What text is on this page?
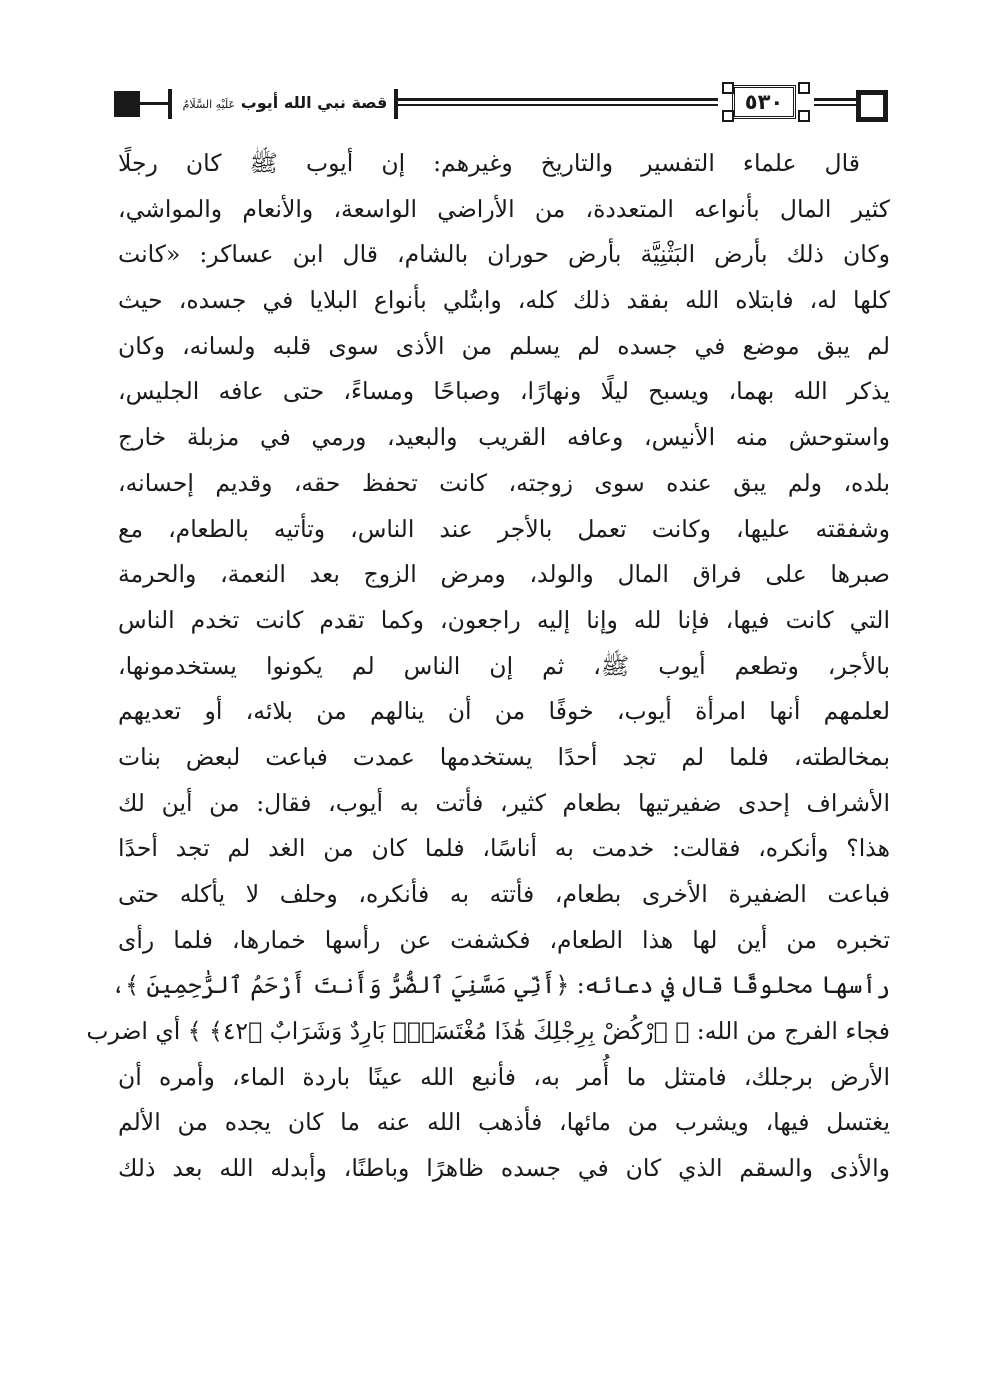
قصة نبي الله أيوب عَلَيْهِ السَّلَامُ	٥٣٠
قال علماء التفسير والتاريخ وغيرهم: إن أيوب ﷺ كان رجلًا
كثير المال بأنواعه المتعددة، من الأراضي الواسعة، والأنعام والمواشي،
وكان ذلك بأرض البَثْنِيَّة بأرض حوران بالشام، قال ابن عساكر: «كانت
كلها له، فابتلاه الله بفقد ذلك كله، وابتُلي بأنواع البلايا في جسده، حيث
لم يبق موضع في جسده لم يسلم من الأذى سوى قلبه ولسانه، وكان
يذكر الله بهما، ويسبح ليلًا ونهارًا، وصباحًا ومساءً، حتى عافه الجليس،
واستوحش منه الأنيس، وعافه القريب والبعيد، ورمي في مزبلة خارج
بلده، ولم يبق عنده سوى زوجته، كانت تحفظ حقه، وقديم إحسانه،
وشفقته عليها، وكانت تعمل بالأجر عند الناس، وتأتيه بالطعام، مع
صبرها على فراق المال والولد، ومرض الزوج بعد النعمة، والحرمة
التي كانت فيها، فإنا لله وإنا إليه راجعون، وكما تقدم كانت تخدم الناس
بالأجر، وتطعم أيوب ﷺ، ثم إن الناس لم يكونوا يستخدمونها،
لعلمهم أنها امرأة أيوب، خوفًا من أن ينالهم من بلائه، أو تعديهم
بمخالطته، فلما لم تجد أحدًا يستخدمها عمدت فباعت لبعض بنات
الأشراف إحدى ضفيرتيها بطعام كثير، فأتت به أيوب، فقال: من أين لك
هذا؟ وأنكره، فقالت: خدمت به أناسًا، فلما كان من الغد لم تجد أحدًا
فباعت الضفيرة الأخرى بطعام، فأتته به فأنكره، وحلف لا يأكله حتى
تخبره من أين لها هذا الطعام، فكشفت عن رأسها خمارها، فلما رأى
رأسها محلوقًا قال في دعائه: ﴿أَنِّي مَسَّنِيَ ٱلضُّرُّ وَأَنتَ أَرْحَمُ ٱلرَّٰحِمِينَ ﴾،
فجاء الفرج من الله: ﴿ ٱرْكُضْ بِرِجْلِكَ هَٰذَا مُغْتَسَلٌۢ بَارِدٌ وَشَرَابٌ ﴿٤٢﴾ ﴾ أي اضرب
الأرض برجلك، فامتثل ما أُمر به، فأنبع الله عينًا باردة الماء، وأمره أن
يغتسل فيها، ويشرب من مائها، فأذهب الله عنه ما كان يجده من الألم
والأذى والسقم الذي كان في جسده ظاهرًا وباطنًا، وأبدله الله بعد ذلك
